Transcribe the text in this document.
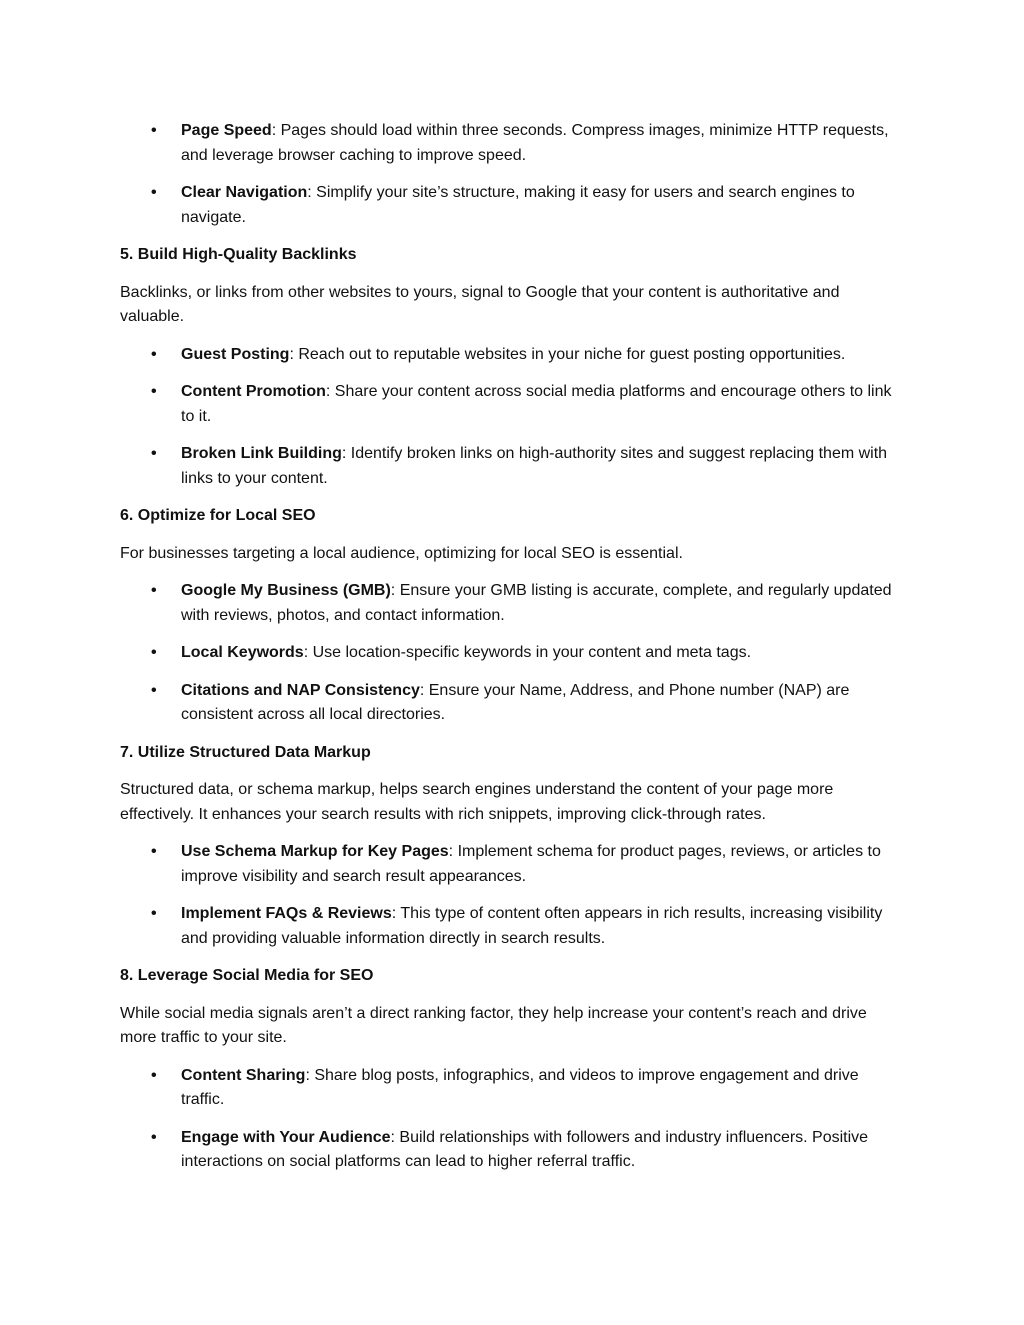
• Page Speed: Pages should load within three seconds. Compress images, minimize HTTP requests, and leverage browser caching to improve speed.
• Clear Navigation: Simplify your site’s structure, making it easy for users and search engines to navigate.
5. Build High-Quality Backlinks

Backlinks, or links from other websites to yours, signal to Google that your content is authoritative and valuable.

• Guest Posting: Reach out to reputable websites in your niche for guest posting opportunities.
• Content Promotion: Share your content across social media platforms and encourage others to link to it.
• Broken Link Building: Identify broken links on high-authority sites and suggest replacing them with links to your content.
6. Optimize for Local SEO

For businesses targeting a local audience, optimizing for local SEO is essential.

• Google My Business (GMB): Ensure your GMB listing is accurate, complete, and regularly updated with reviews, photos, and contact information.
• Local Keywords: Use location-specific keywords in your content and meta tags.
• Citations and NAP Consistency: Ensure your Name, Address, and Phone number (NAP) are consistent across all local directories.
7. Utilize Structured Data Markup

Structured data, or schema markup, helps search engines understand the content of your page more effectively. It enhances your search results with rich snippets, improving click-through rates.

• Use Schema Markup for Key Pages: Implement schema for product pages, reviews, or articles to improve visibility and search result appearances.
• Implement FAQs & Reviews: This type of content often appears in rich results, increasing visibility and providing valuable information directly in search results.
8. Leverage Social Media for SEO

While social media signals aren’t a direct ranking factor, they help increase your content’s reach and drive more traffic to your site.

• Content Sharing: Share blog posts, infographics, and videos to improve engagement and drive traffic.
• Engage with Your Audience: Build relationships with followers and industry influencers. Positive interactions on social platforms can lead to higher referral traffic.
